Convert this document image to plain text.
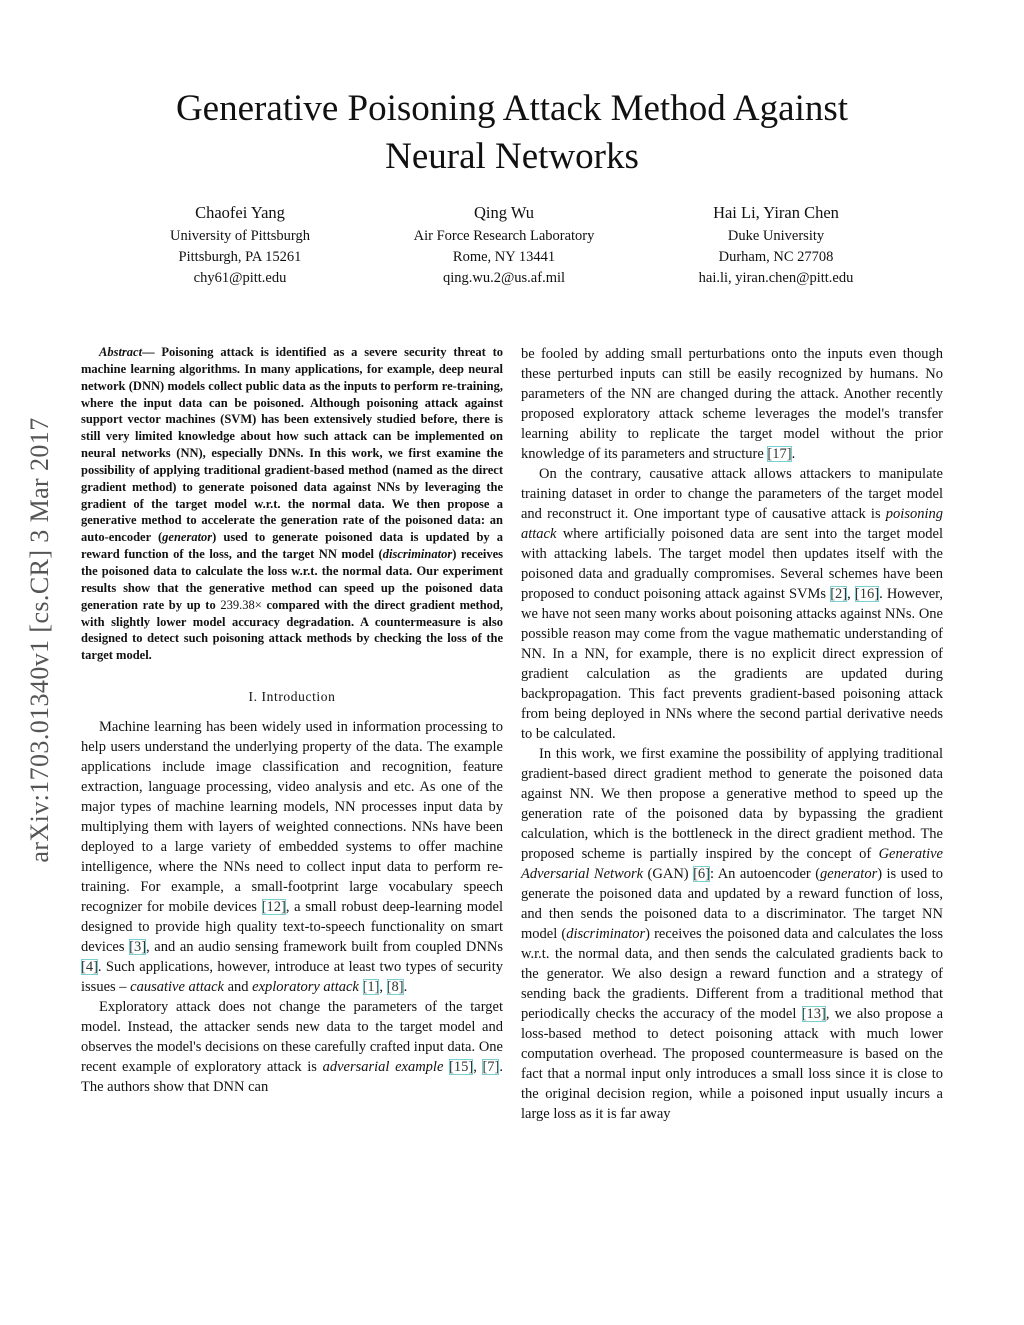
arXiv:1703.01340v1 [cs.CR] 3 Mar 2017
Generative Poisoning Attack Method Against
Neural Networks
Chaofei Yang
University of Pittsburgh
Pittsburgh, PA 15261
chy61@pitt.edu
Qing Wu
Air Force Research Laboratory
Rome, NY 13441
qing.wu.2@us.af.mil
Hai Li, Yiran Chen
Duke University
Durham, NC 27708
hai.li, yiran.chen@pitt.edu

Abstract— Poisoning attack is identified as a severe security threat to machine learning algorithms. In many applications, for example, deep neural network (DNN) models collect public data as the inputs to perform re-training, where the input data can be poisoned. Although poisoning attack against support vector machines (SVM) has been extensively studied before, there is still very limited knowledge about how such attack can be implemented on neural networks (NN), especially DNNs. In this work, we first examine the possibility of applying traditional gradient-based method (named as the direct gradient method) to generate poisoned data against NNs by leveraging the gradient of the target model w.r.t. the normal data. We then propose a generative method to accelerate the generation rate of the poisoned data: an auto-encoder (generator) used to generate poisoned data is updated by a reward function of the loss, and the target NN model (discriminator) receives the poisoned data to calculate the loss w.r.t. the normal data. Our experiment results show that the generative method can speed up the poisoned data generation rate by up to 239.38× compared with the direct gradient method, with slightly lower model accuracy degradation. A countermeasure is also designed to detect such poisoning attack methods by checking the loss of the target model.

I. Introduction

Machine learning has been widely used in information processing to help users understand the underlying property of the data. The example applications include image classification and recognition, feature extraction, language processing, video analysis and etc. As one of the major types of machine learning models, NN processes input data by multiplying them with layers of weighted connections. NNs have been deployed to a large variety of embedded systems to offer machine intelligence, where the NNs need to collect input data to perform re-training. For example, a small-footprint large vocabulary speech recognizer for mobile devices [12], a small robust deep-learning model designed to provide high quality text-to-speech functionality on smart devices [3], and an audio sensing framework built from coupled DNNs [4]. Such applications, however, introduce at least two types of security issues – causative attack and exploratory attack [1], [8].

Exploratory attack does not change the parameters of the target model. Instead, the attacker sends new data to the target model and observes the model's decisions on these carefully crafted input data. One recent example of exploratory attack is adversarial example [15], [7]. The authors show that DNN can

be fooled by adding small perturbations onto the inputs even though these perturbed inputs can still be easily recognized by humans. No parameters of the NN are changed during the attack. Another recently proposed exploratory attack scheme leverages the model's transfer learning ability to replicate the target model without the prior knowledge of its parameters and structure [17].

On the contrary, causative attack allows attackers to manipulate training dataset in order to change the parameters of the target model and reconstruct it. One important type of causative attack is poisoning attack where artificially poisoned data are sent into the target model with attacking labels. The target model then updates itself with the poisoned data and gradually compromises. Several schemes have been proposed to conduct poisoning attack against SVMs [2], [16]. However, we have not seen many works about poisoning attacks against NNs. One possible reason may come from the vague mathematic understanding of NN. In a NN, for example, there is no explicit direct expression of gradient calculation as the gradients are updated during backpropagation. This fact prevents gradient-based poisoning attack from being deployed in NNs where the second partial derivative needs to be calculated.

In this work, we first examine the possibility of applying traditional gradient-based direct gradient method to generate the poisoned data against NN. We then propose a generative method to speed up the generation rate of the poisoned data by bypassing the gradient calculation, which is the bottleneck in the direct gradient method. The proposed scheme is partially inspired by the concept of Generative Adversarial Network (GAN) [6]: An autoencoder (generator) is used to generate the poisoned data and updated by a reward function of loss, and then sends the poisoned data to a discriminator. The target NN model (discriminator) receives the poisoned data and calculates the loss w.r.t. the normal data, and then sends the calculated gradients back to the generator. We also design a reward function and a strategy of sending back the gradients. Different from a traditional method that periodically checks the accuracy of the model [13], we also propose a loss-based method to detect poisoning attack with much lower computation overhead. The proposed countermeasure is based on the fact that a normal input only introduces a small loss since it is close to the original decision region, while a poisoned input usually incurs a large loss as it is far away
